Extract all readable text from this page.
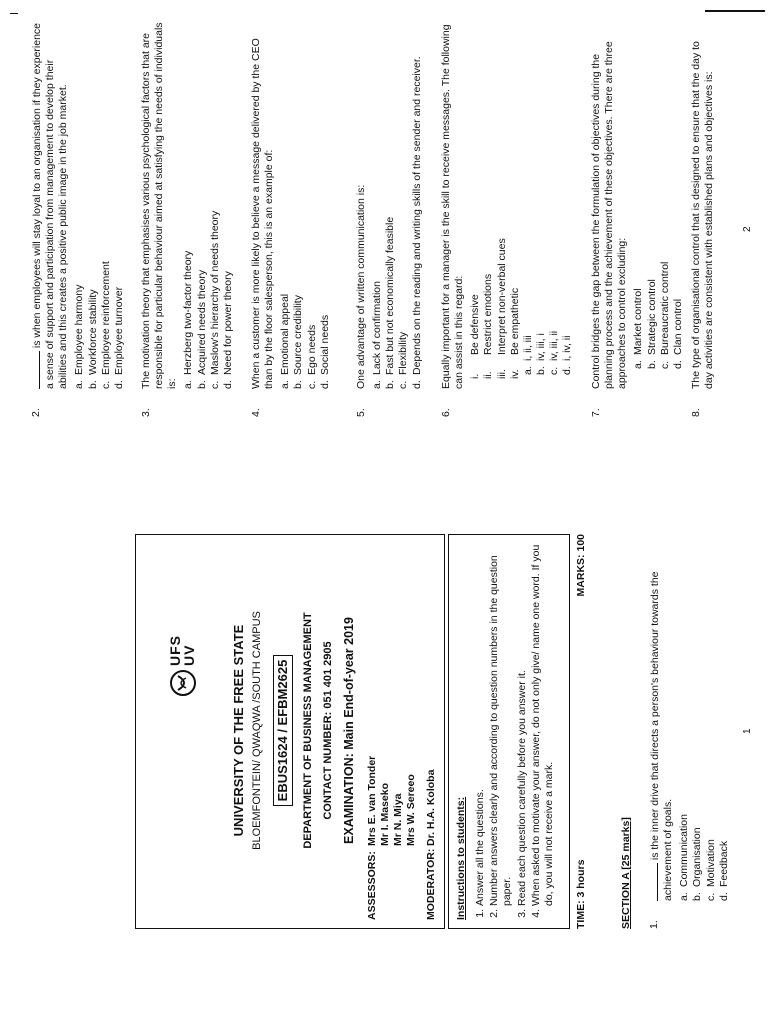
UFS UV	UNIVERSITY OF THE FREE STATE BLOEMFONTEIN/ QWAQWA /SOUTH CAMPUS EBUS1624 / EFBM2625 DEPARTMENT OF BUSINESS MANAGEMENT CONTACT NUMBER: 051 401 2905 EXAMINATION: Main End-of-year 2019
ASSESSORS:
Mrs E. van Tonder Mr I. Maseko Mr N. Miya Mrs W. Sereeo
MODERATOR:
Dr. H.A. Koloba Instructions to students: 1. Answer all the questions. 2. Number answers clearly and according to question numbers in the question paper. 3. Read each question carefully before you answer it. 4. When asked to motivate your answer, do not only give/ name one word. If you do, you will not receive a mark. TIME: 3 hours
MARKS: 100
SECTION A [25 marks] 1.

is the inner drive that directs a person's behaviour towards the achievement of goals. a.
Communication
b.
Organisation
c.
Motivation
d.
Feedback
1
2.

is when employees will stay loyal to an organisation if they experience a sense of support and participation from management to develop their abilities and this creates a positive public image in the job market. a.
Employee harmony
b.
Workforce stability
c.
Employee reinforcement
d.
Employee turnover
3.

The motivation theory that emphasises various psychological factors that are responsible for particular behaviour aimed at satisfying the needs of individuals is: a.
Herzberg two-factor theory
b.
Acquired needs theory
c.
Maslow's hierarchy of needs theory
d.
Need for power theory
4.

When a customer is more likely to believe a message delivered by the CEO than by the floor salesperson, this is an example of: a.
Emotional appeal
b.
Source credibility
c.
Ego needs
d.
Social needs
5.

One advantage of written communication is: a.
Lack of confirmation
b.
Fast but not economically feasible
c.
Flexibility
d.
Depends on the reading and writing skills of the sender and receiver.
6.

Equally important for a manager is the skill to receive messages. The following can assist in this regard: i.
Be defensive
ii.
Restrict emotions
iii.
Interpret non-verbal cues
iv.
Be empathetic
a.
i, ii, iii
b.
iv, iii, i
c.
iv, iii, ii
d.
i, iv, ii
7.

Control bridges the gap between the formulation of objectives during the planning process and the achievement of these objectives. There are three approaches to control excluding: a.
Market control
b.
Strategic control
c.
Bureaucratic control
d.
Clan control
8.

The type of organisational control that is designed to ensure that the day to day activities are consistent with established plans and objectives is:	2
